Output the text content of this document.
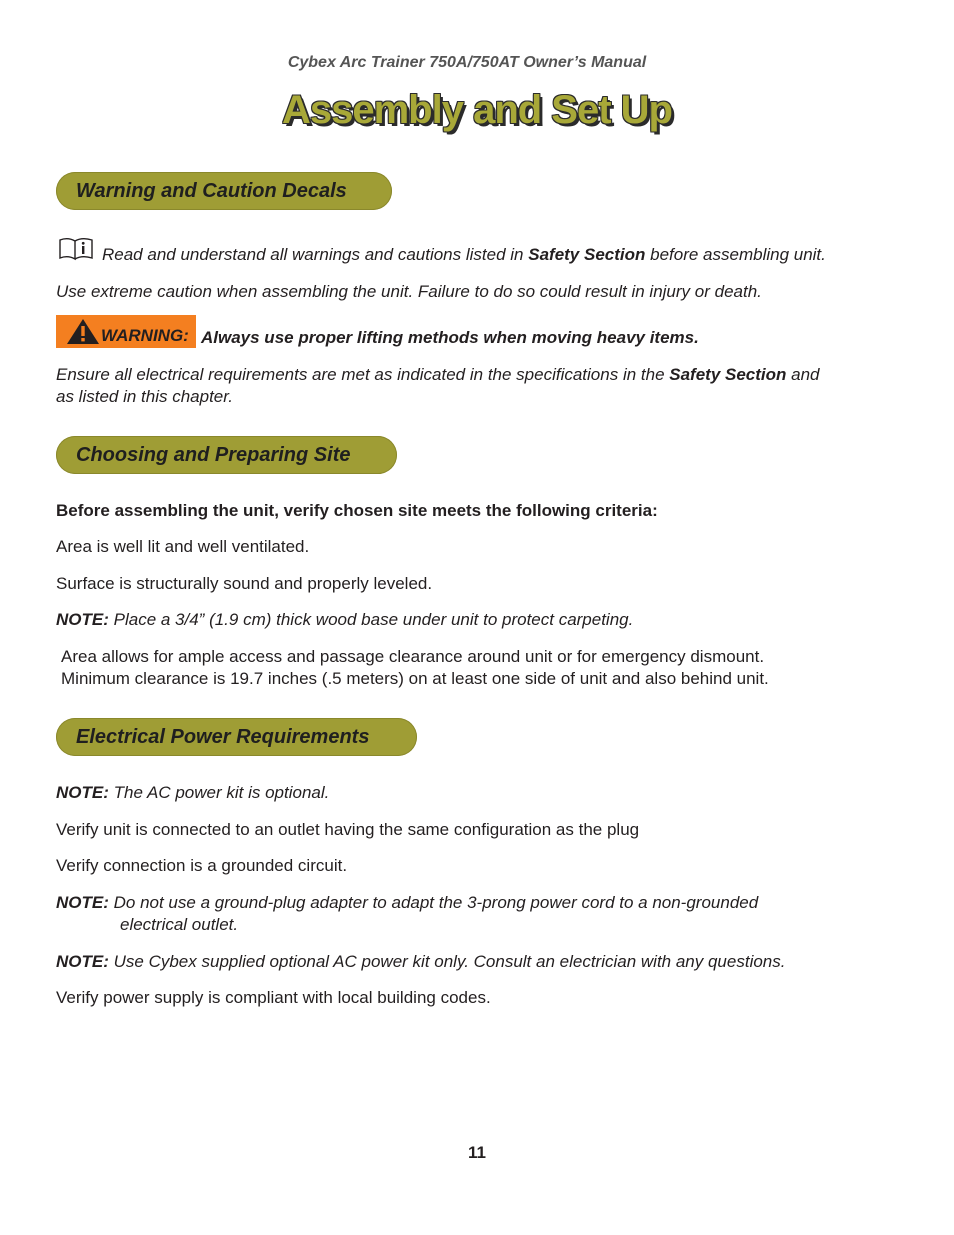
Cybex Arc Trainer 750A/750AT Owner’s Manual
Assembly and Set Up
Warning and Caution Decals
Read and understand all warnings and cautions listed in Safety Section before assembling unit.
Use extreme caution when assembling the unit. Failure to do so could result in injury or death.
WARNING: Always use proper lifting methods when moving heavy items.
Ensure all electrical requirements are met as indicated in the specifications in the Safety Section and
as listed in this chapter.
Choosing and Preparing Site
Before assembling the unit, verify chosen site meets the following criteria:
Area is well lit and well ventilated.
Surface is structurally sound and properly leveled.
NOTE: Place a 3/4” (1.9 cm) thick wood base under unit to protect carpeting.
Area allows for ample access and passage clearance around unit or for emergency dismount.
Minimum clearance is 19.7 inches (.5 meters) on at least one side of unit and also behind unit.
Electrical Power Requirements
NOTE: The AC power kit is optional.
Verify unit is connected to an outlet having the same configuration as the plug
Verify connection is a grounded circuit.
NOTE: Do not use a ground-plug adapter to adapt the 3-prong power cord to a non-grounded
electrical outlet.
NOTE: Use Cybex supplied optional AC power kit only. Consult an electrician with any questions.
Verify power supply is compliant with local building codes.
11
